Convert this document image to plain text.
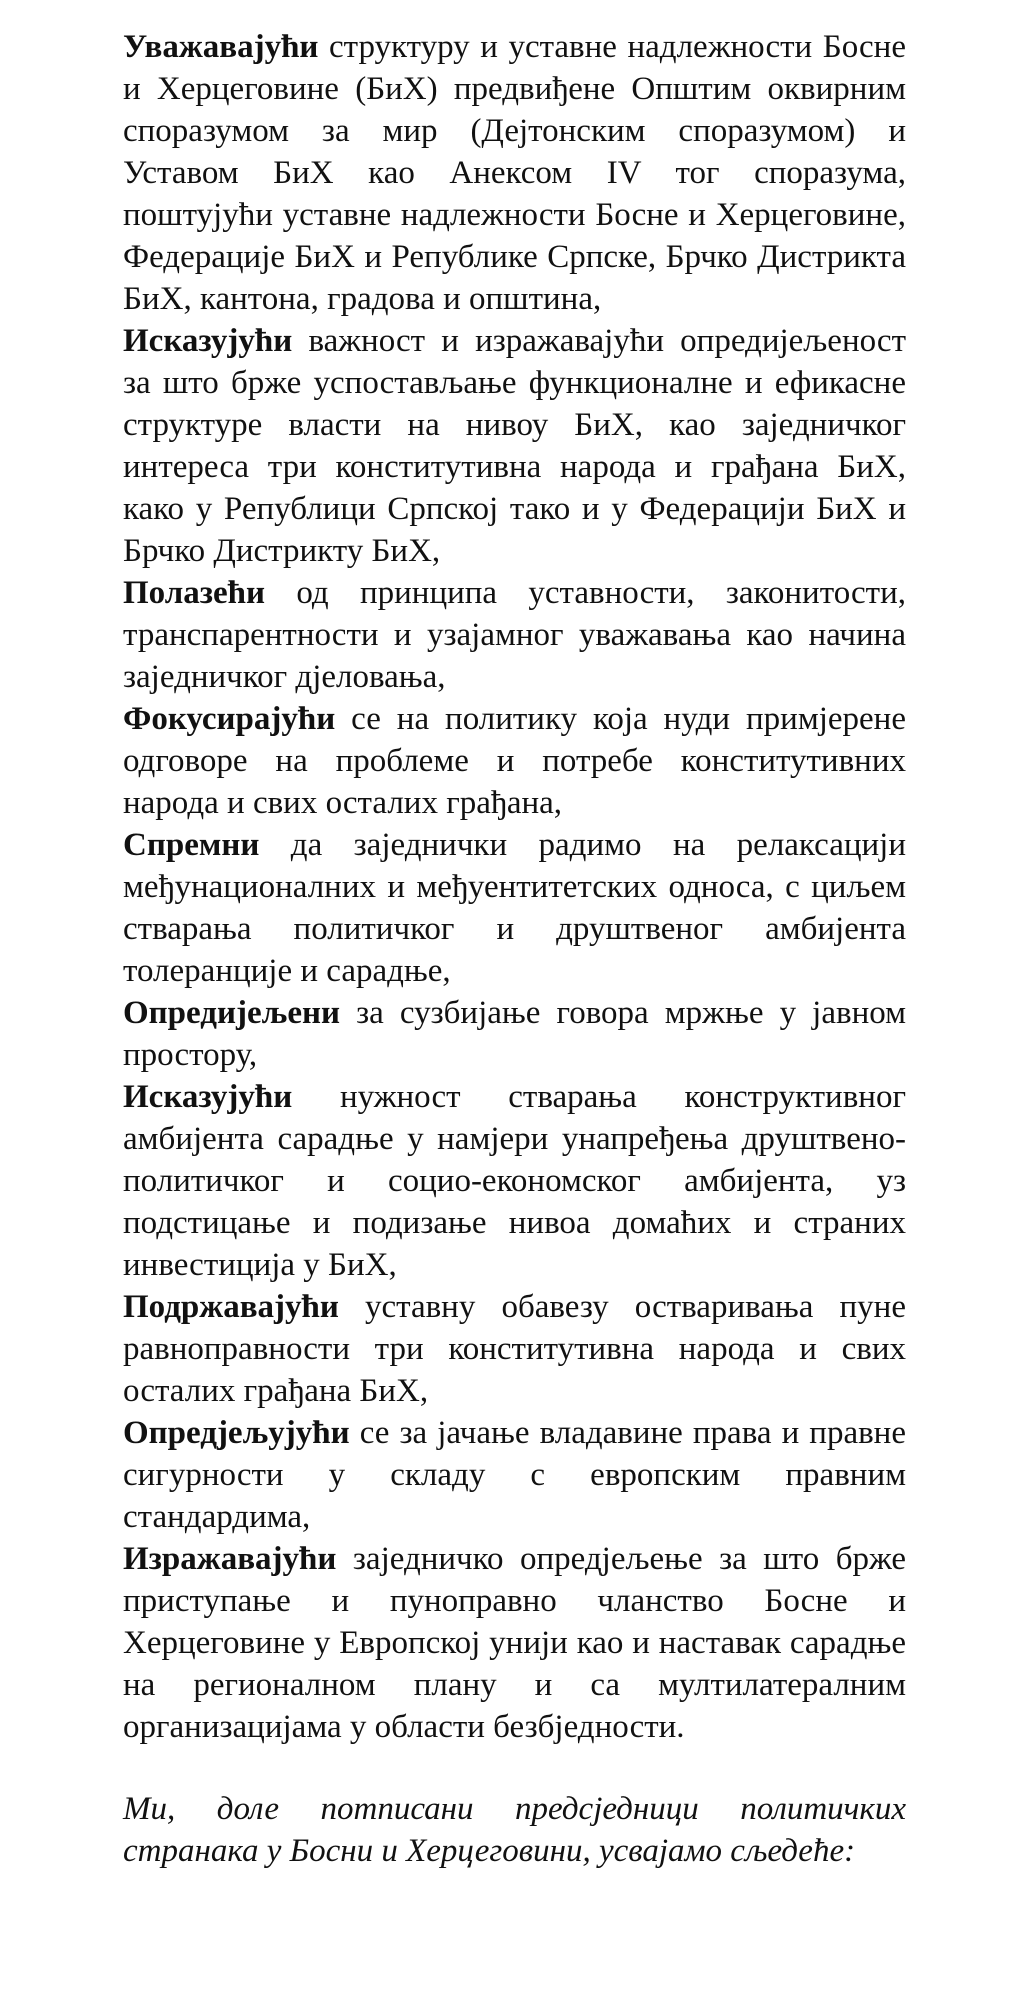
Уважавајући структуру и уставне надлежности Босне и Херцеговине (БиХ) предвиђене Општим оквирним споразумом за мир (Дејтонским споразумом) и Уставом БиХ као Анексом IV тог споразума, поштујући уставне надлежности Босне и Херцеговине, Федерације БиХ и Републике Српске, Брчко Дистрикта БиХ, кантона, градова и општина,

Исказујући важност и изражавајући опредијељеност за што брже успостављање функционалне и ефикасне структуре власти на нивоу БиХ, као заједничког интереса три конститутивна народа и грађана БиХ, како у Републици Српској тако и у Федерацији БиХ и Брчко Дистрикту БиХ,

Полазећи од принципа уставности, законитости, транспарентности и узајамног уважавања као начина заједничког дјеловања,

Фокусирајући се на политику која нуди примјерене одговоре на проблеме и потребе конститутивних народа и свих осталих грађана,

Спремни да заједнички радимо на релаксацији међунационалних и међуентитетских односа, с циљем стварања политичког и друштвеног амбијента толеранције и сарадње,

Опредијељени за сузбијање говора мржње у јавном простору,

Исказујући нужност стварања конструктивног амбијента сарадње у намјери унапређења друштвено-политичког и социо-економског амбијента, уз подстицање и подизање нивоа домаћих и страних инвестиција у БиХ,

Подржавајући уставну обавезу остваривања пуне равноправности три конститутивна народа и свих осталих грађана БиХ,

Опредјељујући се за јачање владавине права и правне сигурности у складу с европским правним стандардима,

Изражавајући заједничко опредјељење за што брже приступање и пуноправно чланство Босне и Херцеговине у Европској унији као и наставак сарадње на регионалном плану и са мултилатералним организацијама у области безбједности.

Ми, доле потписани предсједници политичких странака у Босни и Херцеговини, усвајамо сљедеће:
